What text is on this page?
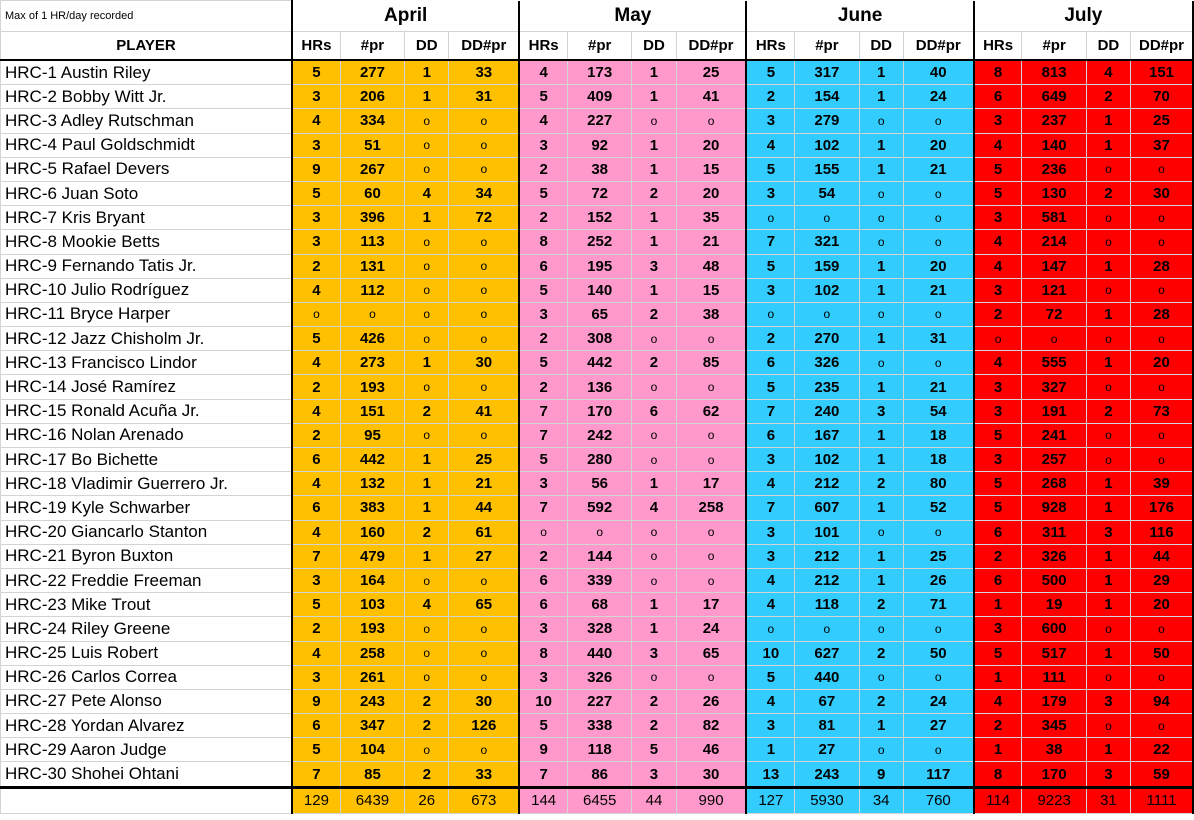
Max of 1 HR/day recorded	April				May				June				July			
PLAYER	HRs	#pr	DD	DD#pr	HRs	#pr	DD	DD#pr	HRs	#pr	DD	DD#pr	HRs	#pr	DD	DD#pr
HRC-1 Austin Riley	5	277	1	33	4	173	1	25	5	317	1	40	8	813	4	151
HRC-2 Bobby Witt Jr.	3	206	1	31	5	409	1	41	2	154	1	24	6	649	2	70
HRC-3 Adley Rutschman	4	334	o	o	4	227	o	o	3	279	o	o	3	237	1	25
HRC-4 Paul Goldschmidt	3	51	o	o	3	92	1	20	4	102	1	20	4	140	1	37
HRC-5 Rafael Devers	9	267	o	o	2	38	1	15	5	155	1	21	5	236	o	o
HRC-6 Juan Soto	5	60	4	34	5	72	2	20	3	54	o	o	5	130	2	30
HRC-7 Kris Bryant	3	396	1	72	2	152	1	35	o	o	o	o	3	581	o	o
HRC-8 Mookie Betts	3	113	o	o	8	252	1	21	7	321	o	o	4	214	o	o
HRC-9 Fernando Tatis Jr.	2	131	o	o	6	195	3	48	5	159	1	20	4	147	1	28
HRC-10 Julio Rodríguez	4	112	o	o	5	140	1	15	3	102	1	21	3	121	o	o
HRC-11 Bryce Harper	o	o	o	o	3	65	2	38	o	o	o	o	2	72	1	28
HRC-12 Jazz Chisholm Jr.	5	426	o	o	2	308	o	o	2	270	1	31	o	o	o	o
HRC-13 Francisco Lindor	4	273	1	30	5	442	2	85	6	326	o	o	4	555	1	20
HRC-14 José Ramírez	2	193	o	o	2	136	o	o	5	235	1	21	3	327	o	o
HRC-15 Ronald Acuña Jr.	4	151	2	41	7	170	6	62	7	240	3	54	3	191	2	73
HRC-16 Nolan Arenado	2	95	o	o	7	242	o	o	6	167	1	18	5	241	o	o
HRC-17 Bo Bichette	6	442	1	25	5	280	o	o	3	102	1	18	3	257	o	o
HRC-18 Vladimir Guerrero Jr.	4	132	1	21	3	56	1	17	4	212	2	80	5	268	1	39
HRC-19 Kyle Schwarber	6	383	1	44	7	592	4	258	7	607	1	52	5	928	1	176
HRC-20 Giancarlo Stanton	4	160	2	61	o	o	o	o	3	101	o	o	6	311	3	116
HRC-21 Byron Buxton	7	479	1	27	2	144	o	o	3	212	1	25	2	326	1	44
HRC-22 Freddie Freeman	3	164	o	o	6	339	o	o	4	212	1	26	6	500	1	29
HRC-23 Mike Trout	5	103	4	65	6	68	1	17	4	118	2	71	1	19	1	20
HRC-24 Riley Greene	2	193	o	o	3	328	1	24	o	o	o	o	3	600	o	o
HRC-25 Luis Robert	4	258	o	o	8	440	3	65	10	627	2	50	5	517	1	50
HRC-26 Carlos Correa	3	261	o	o	3	326	o	o	5	440	o	o	1	111	o	o
HRC-27 Pete Alonso	9	243	2	30	10	227	2	26	4	67	2	24	4	179	3	94
HRC-28 Yordan Alvarez	6	347	2	126	5	338	2	82	3	81	1	27	2	345	o	o
HRC-29 Aaron Judge	5	104	o	o	9	118	5	46	1	27	o	o	1	38	1	22
HRC-30 Shohei Ohtani	7	85	2	33	7	86	3	30	13	243	9	117	8	170	3	59
	129	6439	26	673	144	6455	44	990	127	5930	34	760	114	9223	31	1111
